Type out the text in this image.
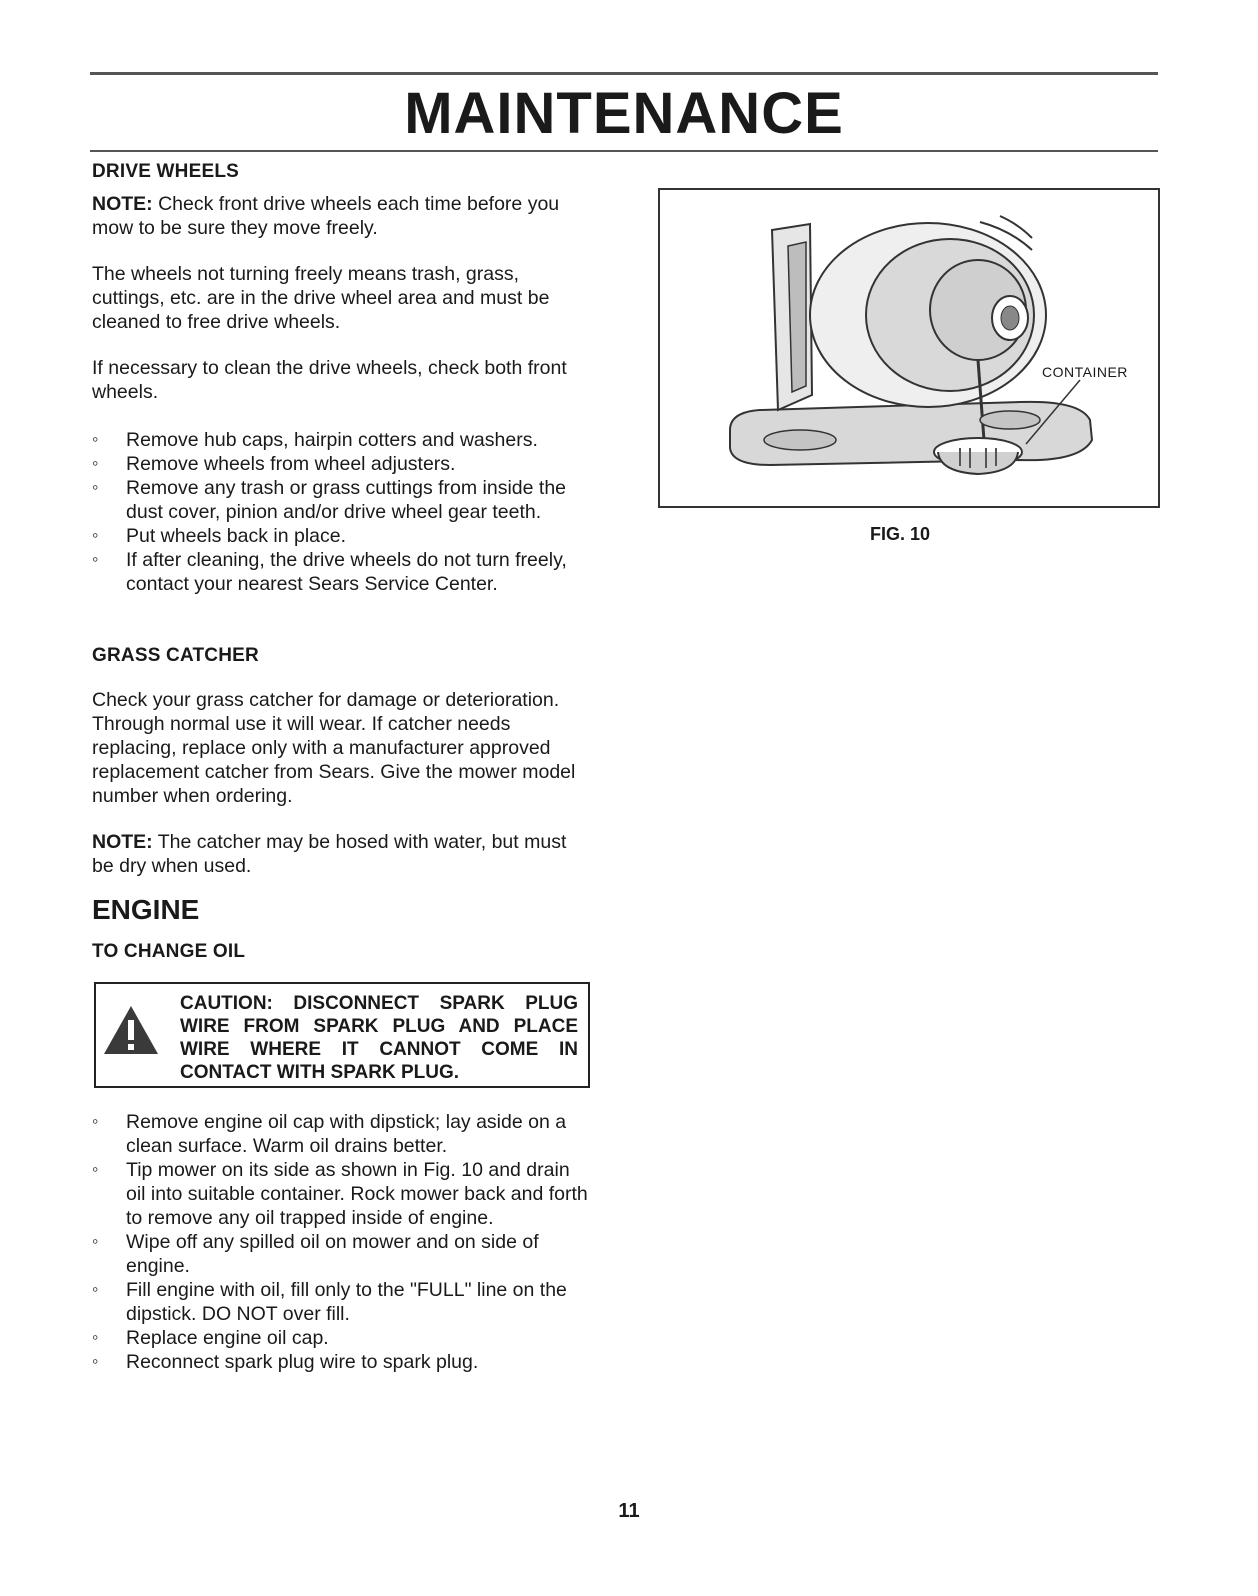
MAINTENANCE
DRIVE WHEELS

NOTE: Check front drive wheels each time before you mow to be sure they move freely.

The wheels not turning freely means trash, grass, cuttings, etc. are in the drive wheel area and must be cleaned to free drive wheels.

If necessary to clean the drive wheels, check both front wheels.

◦ Remove hub caps, hairpin cotters and washers.
◦ Remove wheels from wheel adjusters.
◦ Remove any trash or grass cuttings from inside the dust cover, pinion and/or drive wheel gear teeth.
◦ Put wheels back in place.
◦ If after cleaning, the drive wheels do not turn freely, contact your nearest Sears Service Center.
GRASS CATCHER

Check your grass catcher for damage or deterioration. Through normal use it will wear. If catcher needs replacing, replace only with a manufacturer approved replacement catcher from Sears. Give the mower model number when ordering.

NOTE: The catcher may be hosed with water, but must be dry when used.

ENGINE
TO CHANGE OIL
CAUTION: DISCONNECT SPARK PLUG WIRE FROM SPARK PLUG AND PLACE WIRE WHERE IT CANNOT COME IN CONTACT WITH SPARK PLUG.
◦ Remove engine oil cap with dipstick; lay aside on a clean surface. Warm oil drains better.
◦ Tip mower on its side as shown in Fig. 10 and drain oil into suitable container. Rock mower back and forth to remove any oil trapped inside of engine.
◦ Wipe off any spilled oil on mower and on side of engine.
◦ Fill engine with oil, fill only to the "FULL" line on the dipstick. DO NOT over fill.
◦ Replace engine oil cap.
◦ Reconnect spark plug wire to spark plug.
CONTAINER
FIG. 10
11
